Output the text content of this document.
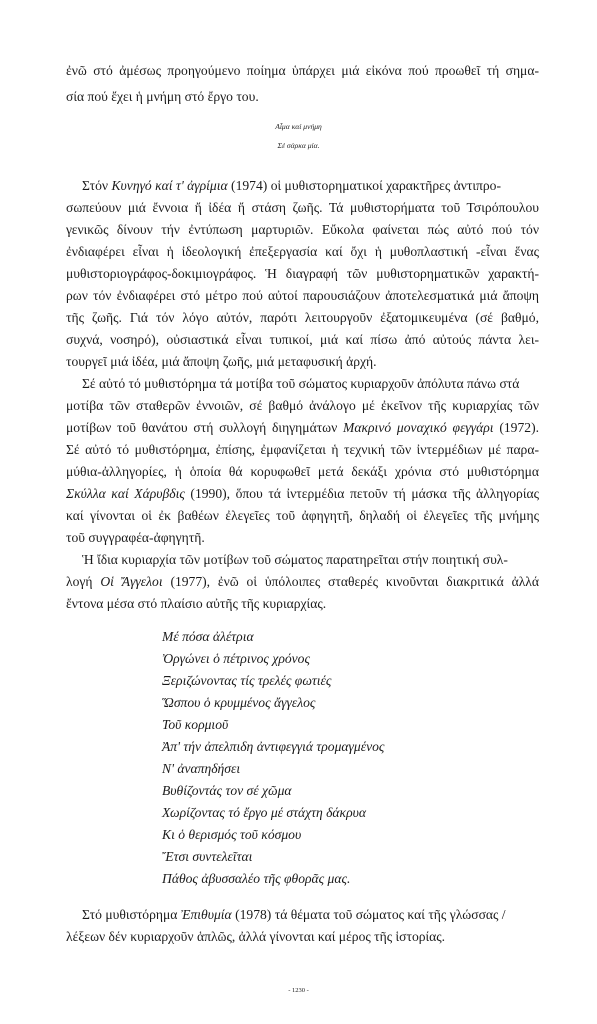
ἐνῶ στό ἀμέσως προηγούμενο ποίημα ὑπάρχει μιά εἰκόνα πού προωθεῖ τή σημα-
σία πού ἔχει ἡ μνήμη στό ἔργο του.
Αἷμα καί μνήμη
Σέ σάρκα μία.
Στόν Κυνηγό καί τ' ἀγρίμια (1974) οἱ μυθιστορηματικοί χαρακτῆρες ἀντιπρο-
σωπεύουν μιά ἔννοια ἤ ἰδέα ἤ στάση ζωῆς. Τά μυθιστορήματα τοῦ Τσιρόπουλου
γενικῶς δίνουν τήν ἐντύπωση μαρτυριῶν. Εὔκολα φαίνεται πώς αὐτό πού τόν
ἐνδιαφέρει εἶναι ἡ ἰδεολογική ἐπεξεργασία καί ὄχι ἡ μυθοπλαστική -εἶναι ἕνας
μυθιστοριογράφος-δοκιμιογράφος. Ἡ διαγραφή τῶν μυθιστορηματικῶν χαρακτή-
ρων τόν ἐνδιαφέρει στό μέτρο πού αὐτοί παρουσιάζουν ἀποτελεσματικά μιά ἄποψη
τῆς ζωῆς. Γιά τόν λόγο αὐτόν, παρότι λειτουργοῦν ἐξατομικευμένα (σέ βαθμό,
συχνά, νοσηρό), οὐσιαστικά εἶναι τυπικοί, μιά καί πίσω ἀπό αὐτούς πάντα λει-
τουργεῖ μιά ἰδέα, μιά ἄποψη ζωῆς, μιά μεταφυσική ἀρχή.
Σέ αὐτό τό μυθιστόρημα τά μοτίβα τοῦ σώματος κυριαρχοῦν ἀπόλυτα πάνω στά
μοτίβα τῶν σταθερῶν ἐννοιῶν, σέ βαθμό ἀνάλογο μέ ἐκεῖνον τῆς κυριαρχίας τῶν
μοτίβων τοῦ θανάτου στή συλλογή διηγημάτων Μακρινό μοναχικό φεγγάρι (1972).
Σέ αὐτό τό μυθιστόρημα, ἐπίσης, ἐμφανίζεται ἡ τεχνική τῶν ἰντερμέδιων μέ παρα-
μύθια-ἀλληγορίες, ἡ ὁποία θά κορυφωθεῖ μετά δεκάξι χρόνια στό μυθιστόρημα
Σκύλλα καί Χάρυβδις (1990), ὅπου τά ἰντερμέδια πετοῦν τή μάσκα τῆς ἀλληγορίας
καί γίνονται οἱ ἐκ βαθέων ἐλεγεῖες τοῦ ἀφηγητῆ, δηλαδή οἱ ἐλεγεῖες τῆς μνήμης
τοῦ συγγραφέα-ἀφηγητῆ.
Ἡ ἴδια κυριαρχία τῶν μοτίβων τοῦ σώματος παρατηρεῖται στήν ποιητική συλ-
λογή Οἱ Ἄγγελοι (1977), ἐνῶ οἱ ὑπόλοιπες σταθερές κινοῦνται διακριτικά ἀλλά
ἔντονα μέσα στό πλαίσιο αὐτῆς τῆς κυριαρχίας.
Μέ πόσα ἀλέτρια
Ὀργώνει ὁ πέτρινος χρόνος
Ξεριζώνοντας τίς τρελές φωτιές
Ὥσπου ὁ κρυμμένος ἄγγελος
Τοῦ κορμιοῦ
Ἀπ' τήν ἀπελπιδη ἀντιφεγγιά τρομαγμένος
Ν' ἀναπηδήσει
Βυθίζοντάς τον σέ χῶμα
Χωρίζοντας τό ἔργο μέ στάχτη δάκρυα
Κι ὁ θερισμός τοῦ κόσμου
Ἔτσι συντελεῖται
Πάθος ἀβυσσαλέο τῆς φθορᾶς μας.
Στό μυθιστόρημα Ἐπιθυμία (1978) τά θέματα τοῦ σώματος καί τῆς γλώσσας /
λέξεων δέν κυριαρχοῦν ἁπλῶς, ἀλλά γίνονται καί μέρος τῆς ἱστορίας.
- 1230 -
